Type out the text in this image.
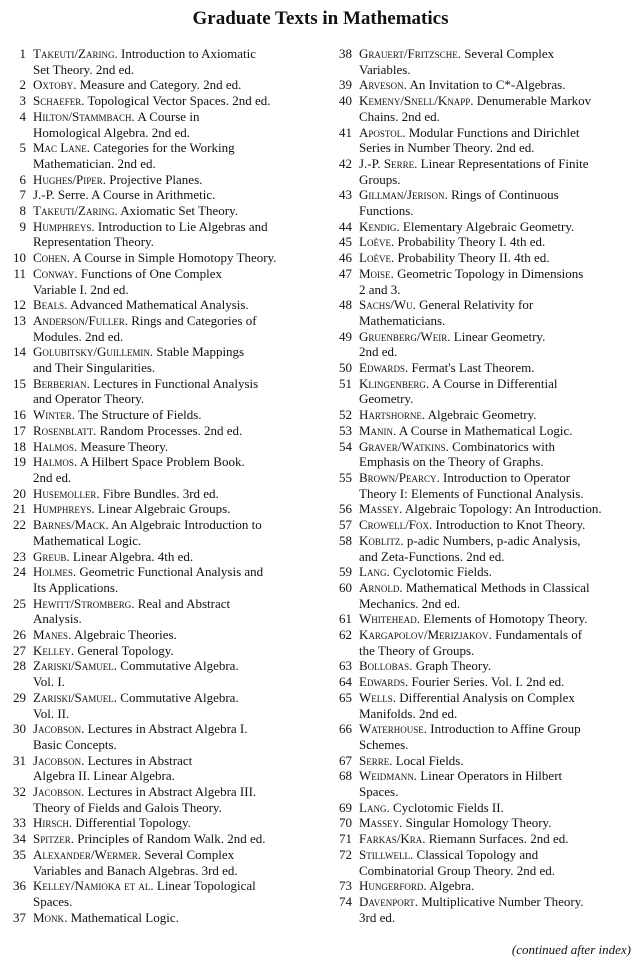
Graduate Texts in Mathematics
1 Takeuti/Zaring. Introduction to Axiomatic
Set Theory. 2nd ed.
2 Oxtoby. Measure and Category. 2nd ed.
3 Schaefer. Topological Vector Spaces. 2nd ed.
4 Hilton/Stammbach. A Course in
Homological Algebra. 2nd ed.
5 Mac Lane. Categories for the Working
Mathematician. 2nd ed.
6 Hughes/Piper. Projective Planes.
7 J.-P. Serre. A Course in Arithmetic.
8 Takeuti/Zaring. Axiomatic Set Theory.
9 Humphreys. Introduction to Lie Algebras and
Representation Theory.
10 Cohen. A Course in Simple Homotopy Theory.
11 Conway. Functions of One Complex
Variable I. 2nd ed.
12 Beals. Advanced Mathematical Analysis.
13 Anderson/Fuller. Rings and Categories of
Modules. 2nd ed.
14 Golubitsky/Guillemin. Stable Mappings
and Their Singularities.
15 Berberian. Lectures in Functional Analysis
and Operator Theory.
16 Winter. The Structure of Fields.
17 Rosenblatt. Random Processes. 2nd ed.
18 Halmos. Measure Theory.
19 Halmos. A Hilbert Space Problem Book.
2nd ed.
20 Husemoller. Fibre Bundles. 3rd ed.
21 Humphreys. Linear Algebraic Groups.
22 Barnes/Mack. An Algebraic Introduction to
Mathematical Logic.
23 Greub. Linear Algebra. 4th ed.
24 Holmes. Geometric Functional Analysis and
Its Applications.
25 Hewitt/Stromberg. Real and Abstract
Analysis.
26 Manes. Algebraic Theories.
27 Kelley. General Topology.
28 Zariski/Samuel. Commutative Algebra.
Vol. I.
29 Zariski/Samuel. Commutative Algebra.
Vol. II.
30 Jacobson. Lectures in Abstract Algebra I.
Basic Concepts.
31 Jacobson. Lectures in Abstract
Algebra II. Linear Algebra.
32 Jacobson. Lectures in Abstract Algebra III.
Theory of Fields and Galois Theory.
33 Hirsch. Differential Topology.
34 Spitzer. Principles of Random Walk. 2nd ed.
35 Alexander/Wermer. Several Complex
Variables and Banach Algebras. 3rd ed.
36 Kelley/Namioka et al. Linear Topological
Spaces.
37 Monk. Mathematical Logic.
38 Grauert/Fritzsche. Several Complex
Variables.
39 Arveson. An Invitation to C*-Algebras.
40 Kemeny/Snell/Knapp. Denumerable Markov
Chains. 2nd ed.
41 Apostol. Modular Functions and Dirichlet
Series in Number Theory. 2nd ed.
42 J.-P. Serre. Linear Representations of Finite
Groups.
43 Gillman/Jerison. Rings of Continuous
Functions.
44 Kendig. Elementary Algebraic Geometry.
45 Loève. Probability Theory I. 4th ed.
46 Loève. Probability Theory II. 4th ed.
47 Moise. Geometric Topology in Dimensions
2 and 3.
48 Sachs/Wu. General Relativity for
Mathematicians.
49 Gruenberg/Weir. Linear Geometry.
2nd ed.
50 Edwards. Fermat's Last Theorem.
51 Klingenberg. A Course in Differential
Geometry.
52 Hartshorne. Algebraic Geometry.
53 Manin. A Course in Mathematical Logic.
54 Graver/Watkins. Combinatorics with
Emphasis on the Theory of Graphs.
55 Brown/Pearcy. Introduction to Operator
Theory I: Elements of Functional Analysis.
56 Massey. Algebraic Topology: An Introduction.
57 Crowell/Fox. Introduction to Knot Theory.
58 Koblitz. p-adic Numbers, p-adic Analysis,
and Zeta-Functions. 2nd ed.
59 Lang. Cyclotomic Fields.
60 Arnold. Mathematical Methods in Classical
Mechanics. 2nd ed.
61 Whitehead. Elements of Homotopy Theory.
62 Kargapolov/Merizjakov. Fundamentals of
the Theory of Groups.
63 Bollobas. Graph Theory.
64 Edwards. Fourier Series. Vol. I. 2nd ed.
65 Wells. Differential Analysis on Complex
Manifolds. 2nd ed.
66 Waterhouse. Introduction to Affine Group
Schemes.
67 Serre. Local Fields.
68 Weidmann. Linear Operators in Hilbert
Spaces.
69 Lang. Cyclotomic Fields II.
70 Massey. Singular Homology Theory.
71 Farkas/Kra. Riemann Surfaces. 2nd ed.
72 Stillwell. Classical Topology and
Combinatorial Group Theory. 2nd ed.
73 Hungerford. Algebra.
74 Davenport. Multiplicative Number Theory.
3rd ed.
(continued after index)
